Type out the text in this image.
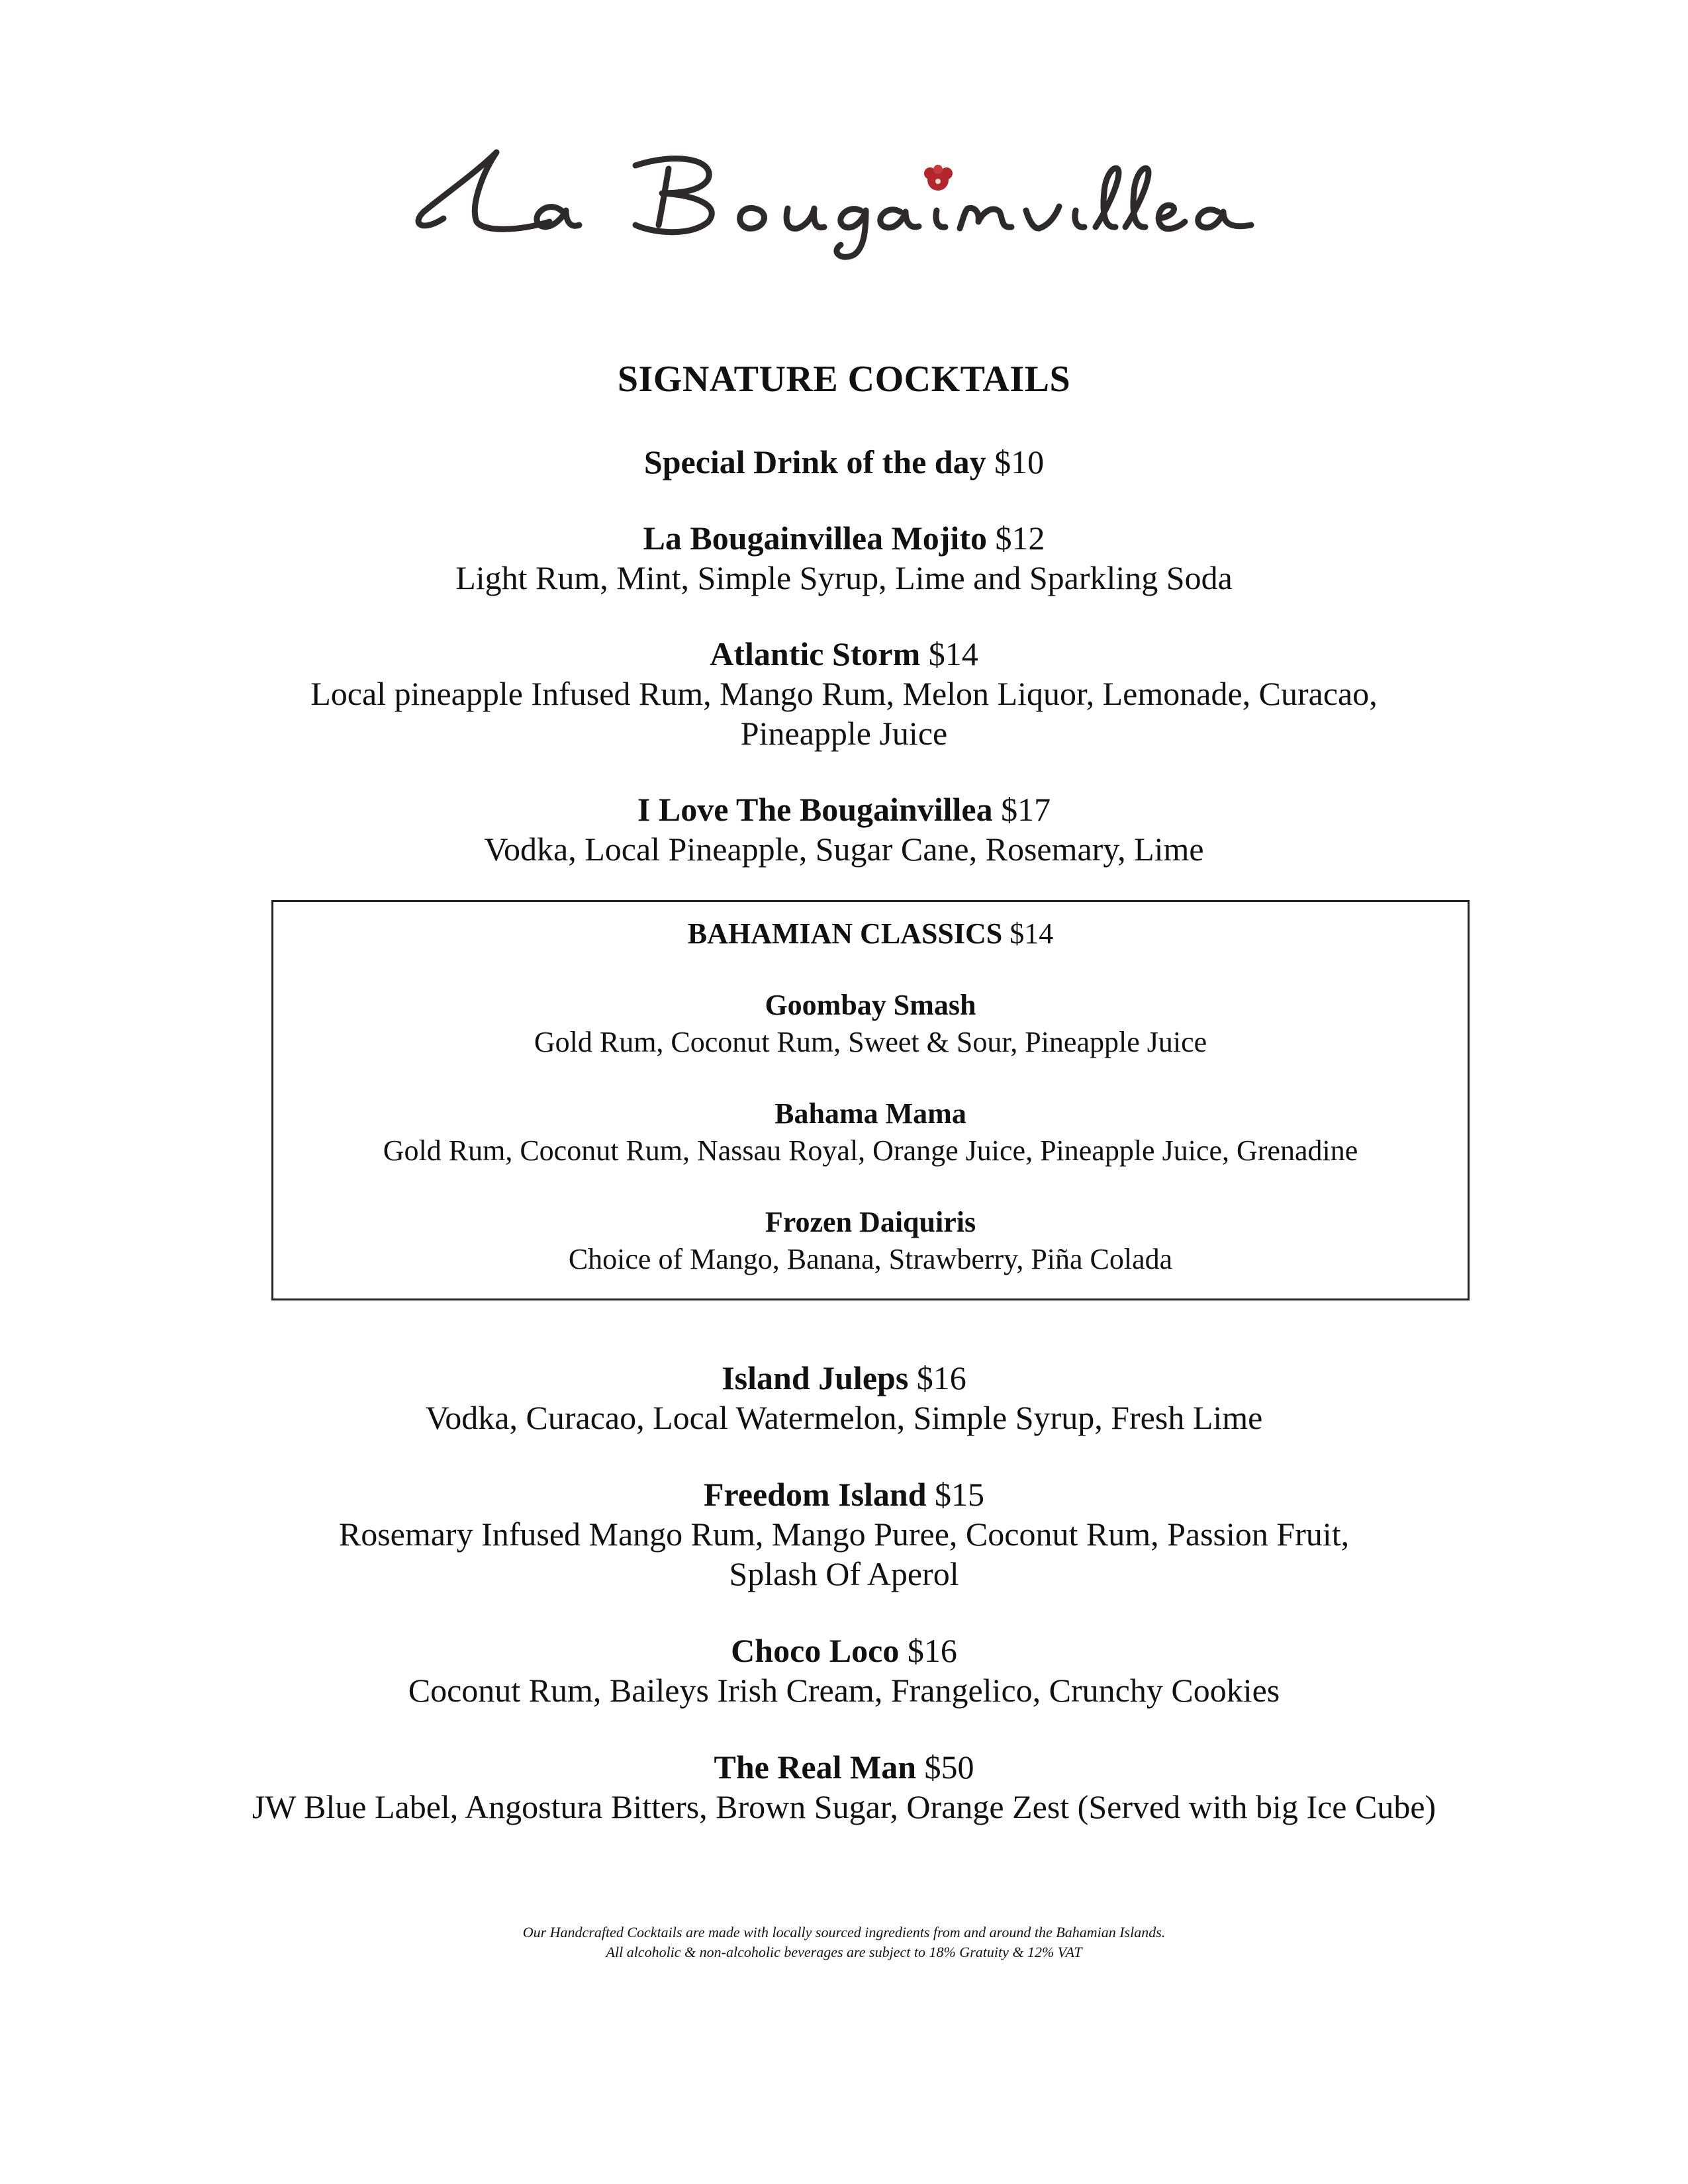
SIGNATURE COCKTAILS
Special Drink of the day $10
La Bougainvillea Mojito $12
Light Rum, Mint, Simple Syrup, Lime and Sparkling Soda
Atlantic Storm $14
Local pineapple Infused Rum, Mango Rum, Melon Liquor, Lemonade, Curacao,
Pineapple Juice
I Love The Bougainvillea $17
Vodka, Local Pineapple, Sugar Cane, Rosemary, Lime
BAHAMIAN CLASSICS $14
Goombay Smash
Gold Rum, Coconut Rum, Sweet & Sour, Pineapple Juice
Bahama Mama
Gold Rum, Coconut Rum, Nassau Royal, Orange Juice, Pineapple Juice, Grenadine
Frozen Daiquiris
Choice of Mango, Banana, Strawberry, Piña Colada
Island Juleps $16
Vodka, Curacao, Local Watermelon, Simple Syrup, Fresh Lime
Freedom Island $15
Rosemary Infused Mango Rum, Mango Puree, Coconut Rum, Passion Fruit,
Splash Of Aperol
Choco Loco $16
Coconut Rum, Baileys Irish Cream, Frangelico, Crunchy Cookies
The Real Man $50
JW Blue Label, Angostura Bitters, Brown Sugar, Orange Zest (Served with big Ice Cube)
Our Handcrafted Cocktails are made with locally sourced ingredients from and around the Bahamian Islands.
All alcoholic & non-alcoholic beverages are subject to 18% Gratuity & 12% VAT
